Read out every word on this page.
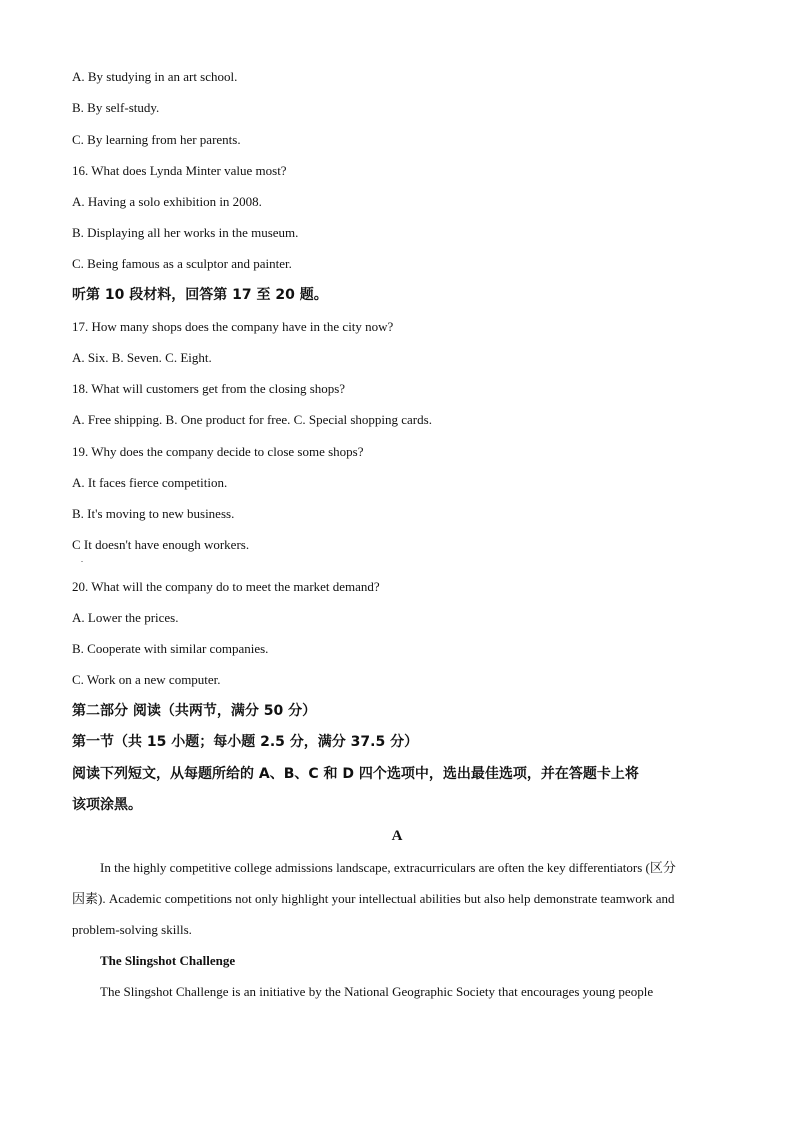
A. By studying in an art school.
B. By self-study.
C. By learning from her parents.
16. What does Lynda Minter value most?
A. Having a solo exhibition in 2008.
B. Displaying all her works in the museum.
C. Being famous as a sculptor and painter.
听第 10 段材料，回答第 17 至 20 题。
17. How many shops does the company have in the city now?
A. Six. B. Seven. C. Eight.
18. What will customers get from the closing shops?
A. Free shipping. B. One product for free. C. Special shopping cards.
19. Why does the company decide to close some shops?
A. It faces fierce competition.
B. It's moving to new business.
C It doesn't have enough workers.
.
20. What will the company do to meet the market demand?
A. Lower the prices.
B. Cooperate with similar companies.
C. Work on a new computer.
第二部分 阅读（共两节，满分 50 分）
第一节（共 15 小题；每小题 2.5 分，满分 37.5 分）
阅读下列短文，从每题所给的 A、B、C 和 D 四个选项中，选出最佳选项，并在答题卡上将
该项涂黑。
A
In the highly competitive college admissions landscape, extracurriculars are often the key differentiators (区分
因素). Academic competitions not only highlight your intellectual abilities but also help demonstrate teamwork and
problem-solving skills.
The Slingshot Challenge
The Slingshot Challenge is an initiative by the National Geographic Society that encourages young people
